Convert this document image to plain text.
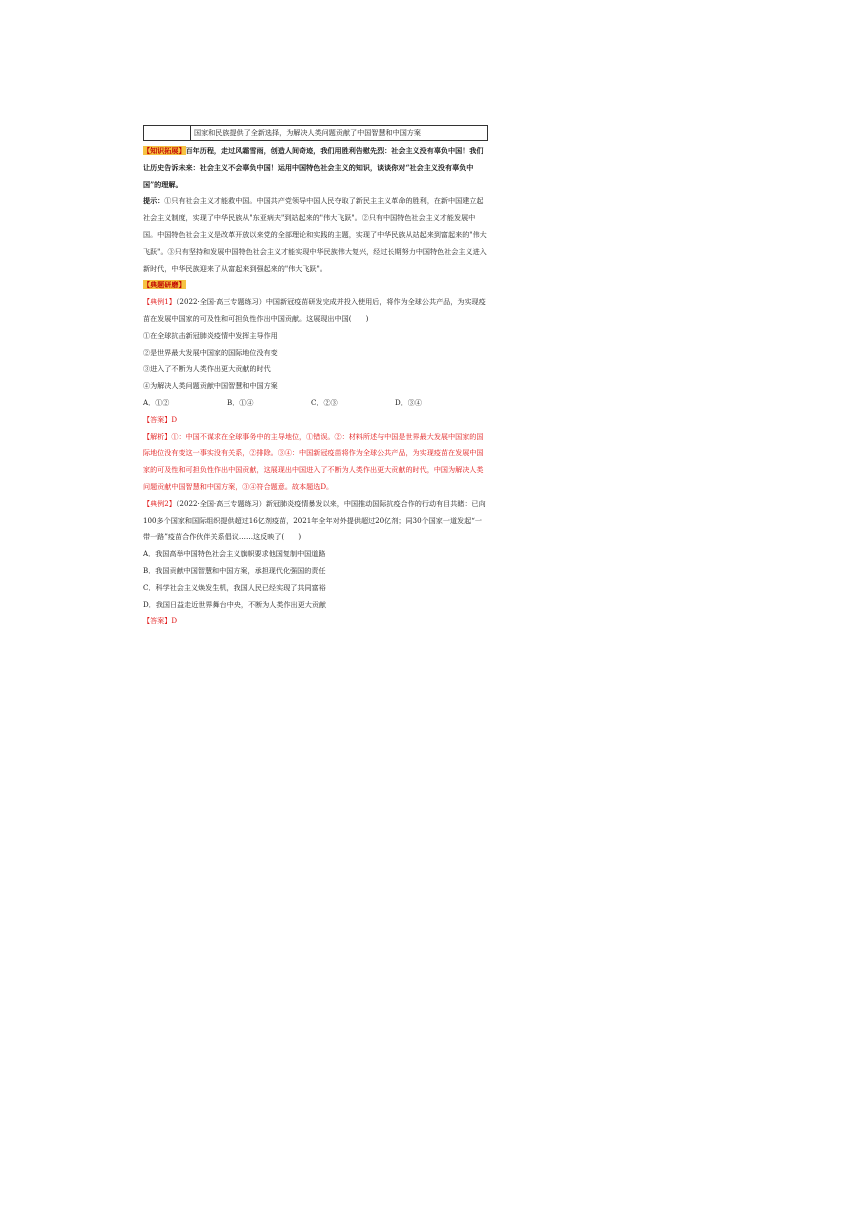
	国家和民族提供了全新选择，为解决人类问题贡献了中国智慧和中国方案

【知识拓展】百年历程，走过风霜雪雨，创造人间奇迹，我们用胜利告慰先烈：社会主义没有辜负中国！我们让历史告诉未来：社会主义不会辜负中国！运用中国特色社会主义的知识，谈谈你对“社会主义没有辜负中国”的理解。

提示：①只有社会主义才能救中国。中国共产党领导中国人民夺取了新民主主义革命的胜利，在新中国建立起社会主义制度，实现了中华民族从"东亚病夫"到站起来的"伟大飞跃"。②只有中国特色社会主义才能发展中国。中国特色社会主义是改革开放以来党的全部理论和实践的主题，实现了中华民族从站起来到富起来的"伟大飞跃"。③只有坚持和发展中国特色社会主义才能实现中华民族伟大复兴，经过长期努力中国特色社会主义进入新时代，中华民族迎来了从富起来到强起来的"伟大飞跃"。

【典题研磨】

【典例1】（2022·全国·高三专题练习）中国新冠疫苗研发完成并投入使用后，将作为全球公共产品，为实现疫苗在发展中国家的可及性和可担负性作出中国贡献。这展现出中国(　　)

①在全球抗击新冠肺炎疫情中发挥主导作用

②是世界最大发展中国家的国际地位没有变

③进入了不断为人类作出更大贡献的时代

④为解决人类问题贡献中国智慧和中国方案

A．①②	B．①④	C．②③	D．③④

【答案】D

【解析】①：中国不谋求在全球事务中的主导地位，①错误。②：材料所述与中国是世界最大发展中国家的国际地位没有变这一事实没有关系，②排除。③④：中国新冠疫苗将作为全球公共产品，为实现疫苗在发展中国家的可及性和可担负性作出中国贡献，这展现出中国进入了不断为人类作出更大贡献的时代，中国为解决人类问题贡献中国智慧和中国方案，③④符合题意。故本题选D。

【典例2】（2022·全国·高三专题练习）新冠肺炎疫情暴发以来，中国推动国际抗疫合作的行动有目共睹：已向100多个国家和国际组织提供超过16亿剂疫苗，2021年全年对外提供超过20亿剂；同30个国家一道发起“一带一路”疫苗合作伙伴关系倡议……这反映了(　　)

A．我国高举中国特色社会主义旗帜要求他国复制中国道路

B．我国贡献中国智慧和中国方案，承担现代化强国的责任

C．科学社会主义焕发生机，我国人民已经实现了共同富裕

D．我国日益走近世界舞台中央，不断为人类作出更大贡献

【答案】D
